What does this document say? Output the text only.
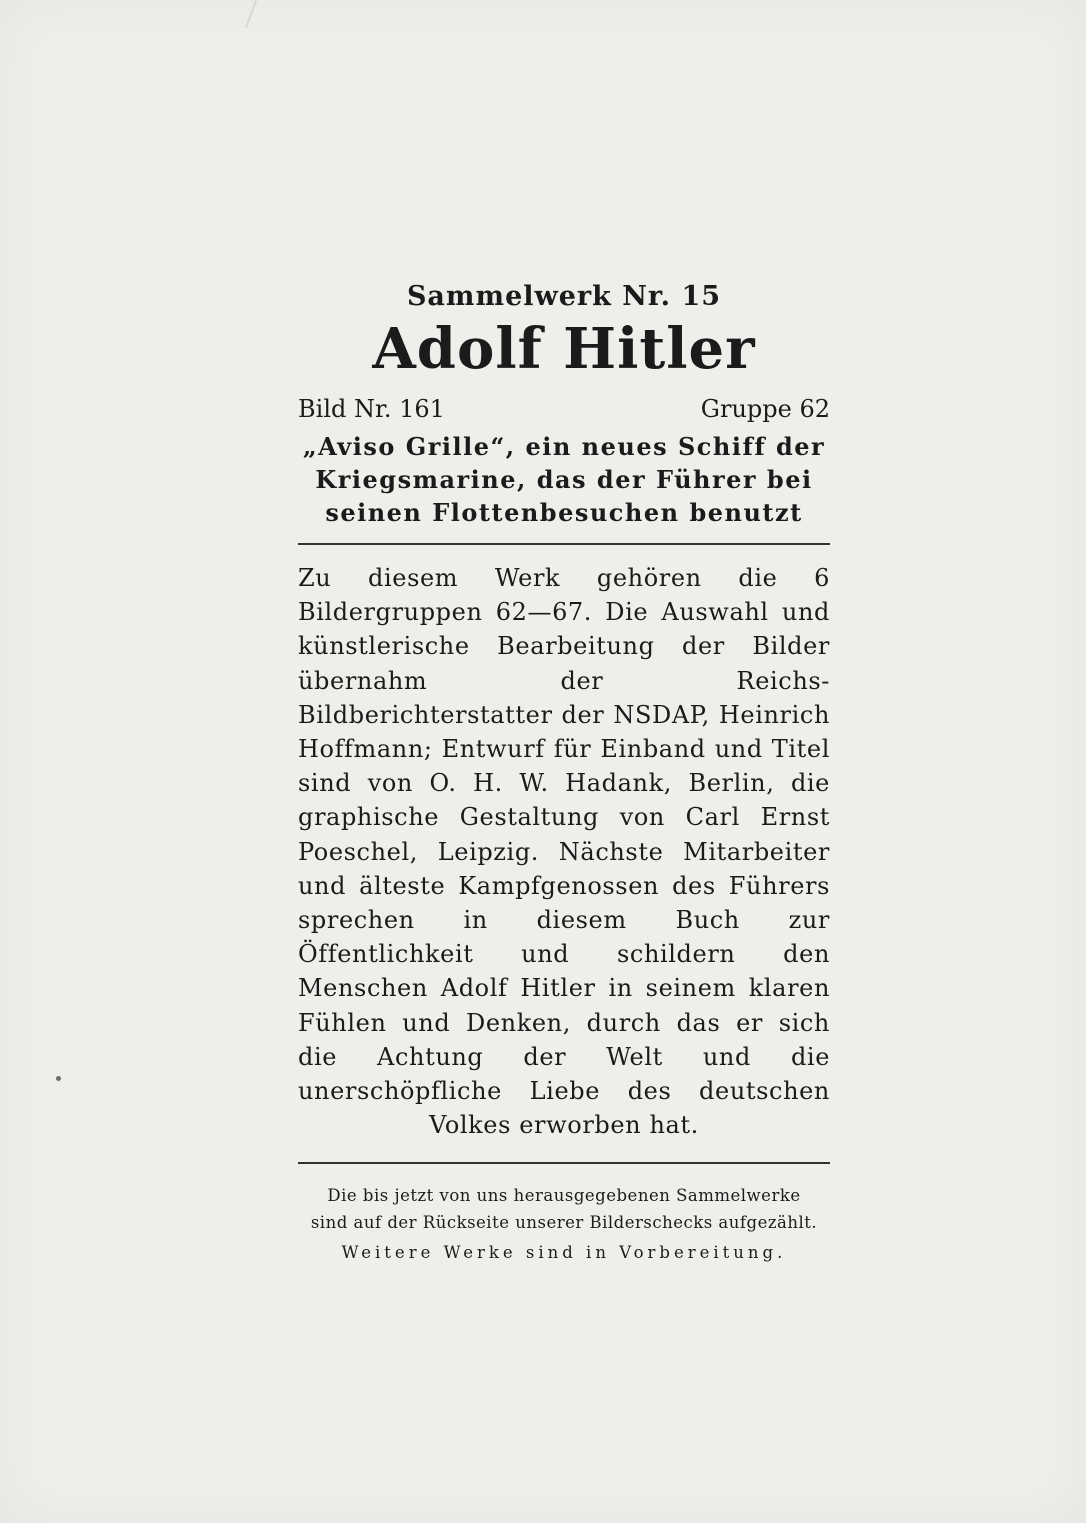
Sammelwerk Nr. 15

Adolf Hitler

Bild Nr. 161	Gruppe 62
„Aviso Grille“, ein neues Schiff der
Kriegsmarine, das der Führer bei
seinen Flottenbesuchen benutzt

Zu diesem Werk gehören die 6 Bildergruppen 62—67. Die Auswahl und künstlerische Bearbeitung der Bilder übernahm der Reichs-Bildberichterstatter der NSDAP, Heinrich Hoffmann; Entwurf für Einband und Titel sind von O. H. W. Hadank, Berlin, die graphische Gestaltung von Carl Ernst Poeschel, Leipzig. Nächste Mitarbeiter und älteste Kampfgenossen des Führers sprechen in diesem Buch zur Öffentlichkeit und schildern den Menschen Adolf Hitler in seinem klaren Fühlen und Denken, durch das er sich die Achtung der Welt und die unerschöpfliche Liebe des deutschen Volkes erworben hat.

Die bis jetzt von uns herausgegebenen Sammelwerke
sind auf der Rückseite unserer Bilderschecks aufgezählt.
Weitere Werke sind in Vorbereitung.
